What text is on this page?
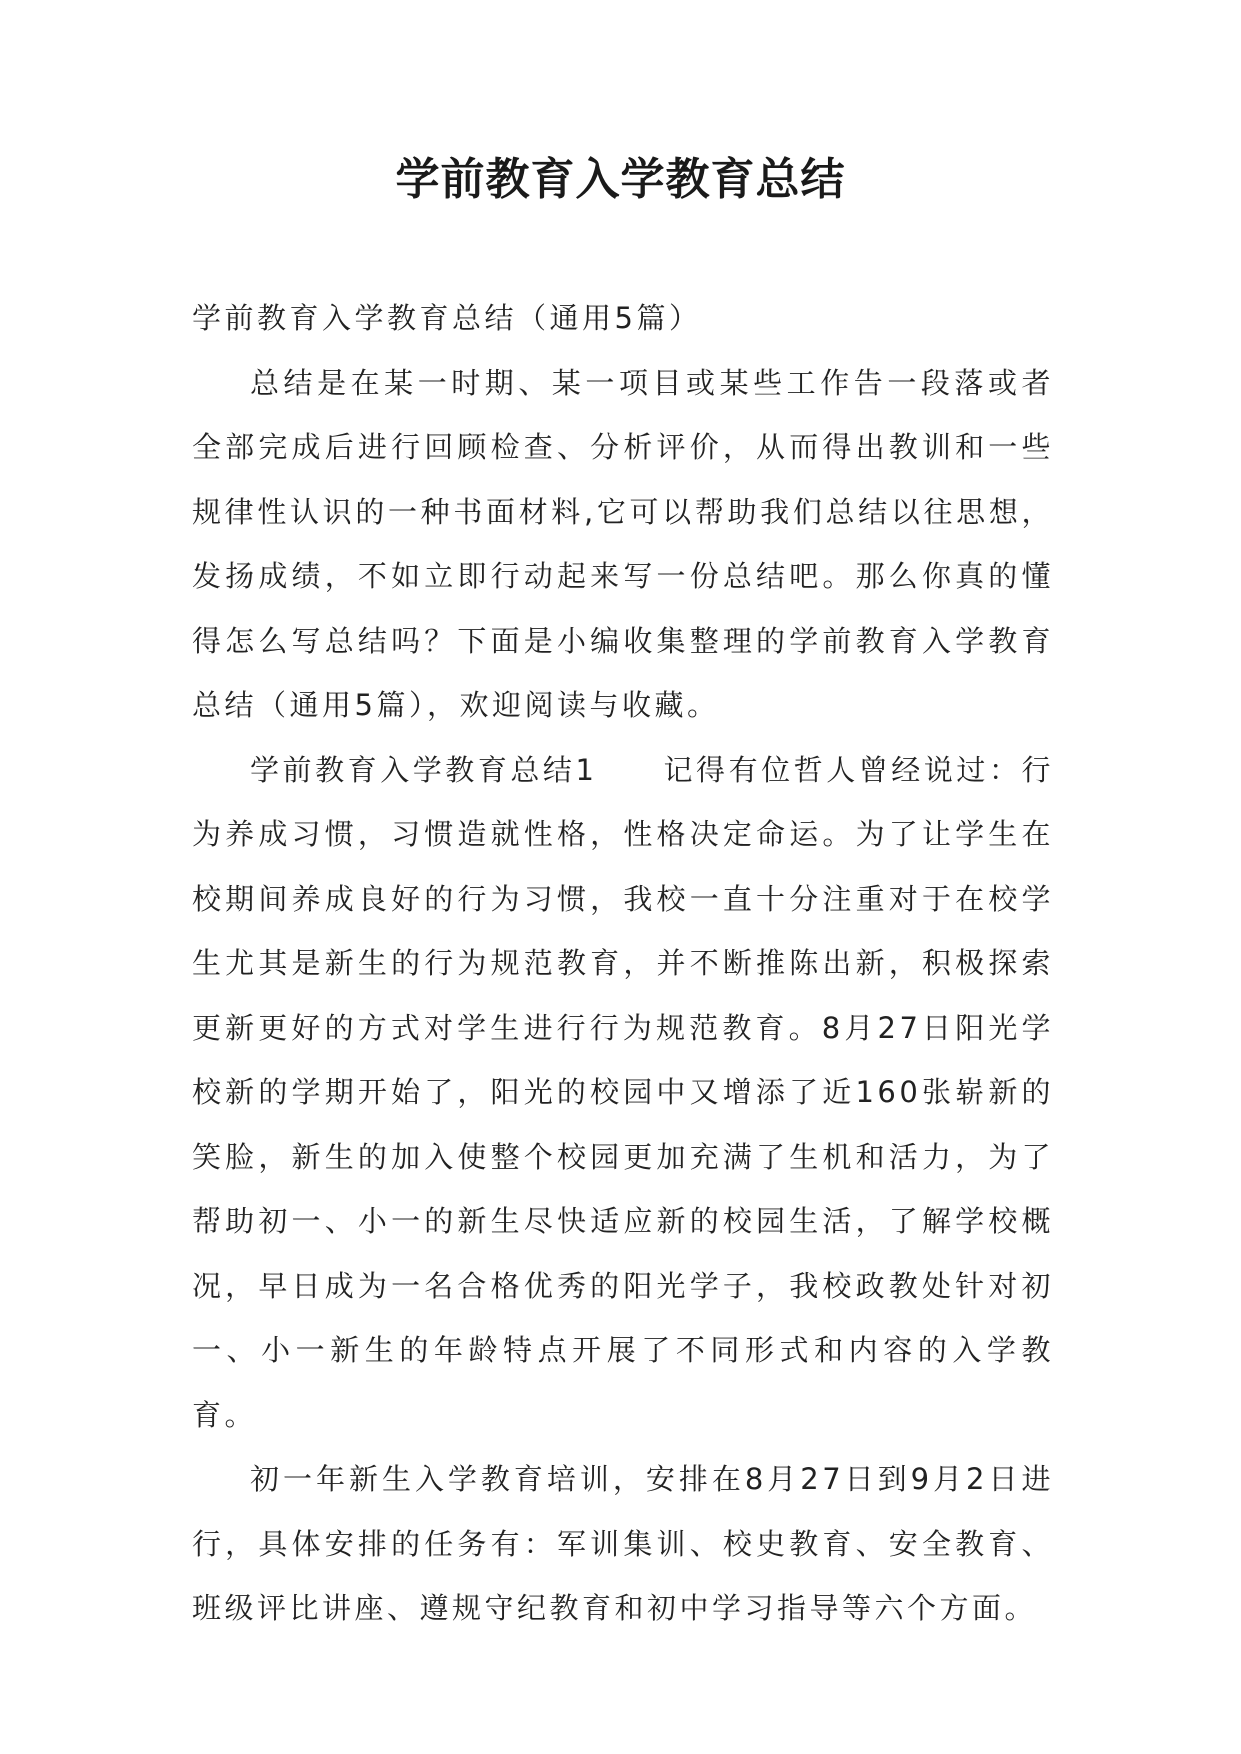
学前教育入学教育总结

学前教育入学教育总结（通用5篇）

总结是在某一时期、某一项目或某些工作告一段落或者全部完成后进行回顾检查、分析评价，从而得出教训和一些规律性认识的一种书面材料,它可以帮助我们总结以往思想，发扬成绩，不如立即行动起来写一份总结吧。那么你真的懂得怎么写总结吗？下面是小编收集整理的学前教育入学教育总结（通用5篇），欢迎阅读与收藏。

学前教育入学教育总结1 记得有位哲人曾经说过：行为养成习惯，习惯造就性格，性格决定命运。为了让学生在校期间养成良好的行为习惯，我校一直十分注重对于在校学生尤其是新生的行为规范教育，并不断推陈出新，积极探索更新更好的方式对学生进行行为规范教育。8月27日阳光学校新的学期开始了，阳光的校园中又增添了近160张崭新的笑脸，新生的加入使整个校园更加充满了生机和活力，为了帮助初一、小一的新生尽快适应新的校园生活，了解学校概况，早日成为一名合格优秀的阳光学子，我校政教处针对初一、小一新生的年龄特点开展了不同形式和内容的入学教育。

初一年新生入学教育培训，安排在8月27日到9月2日进行，具体安排的任务有：军训集训、校史教育、安全教育、班级评比讲座、遵规守纪教育和初中学习指导等六个方面。
